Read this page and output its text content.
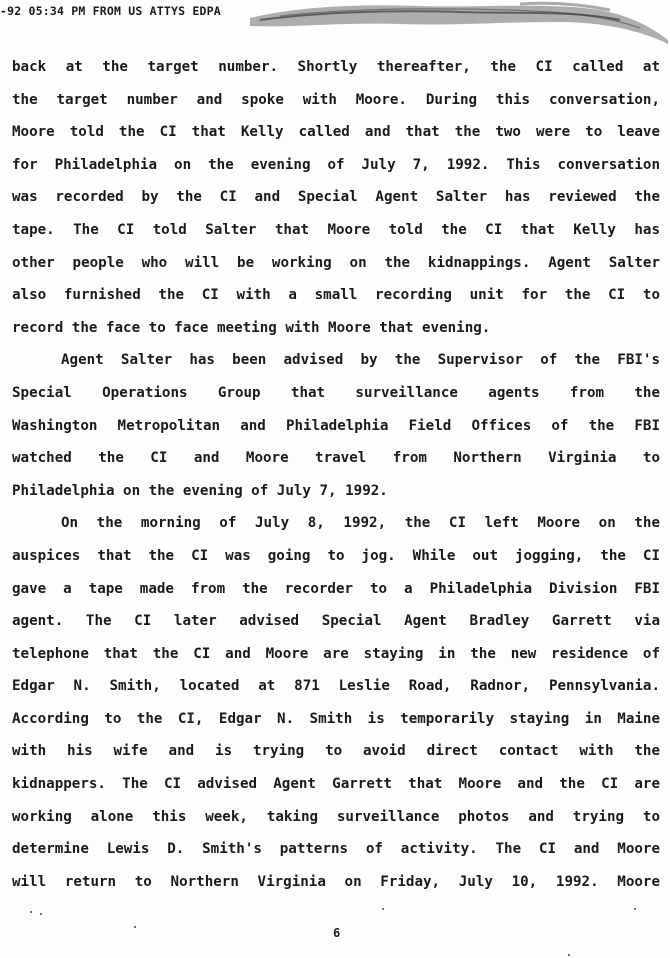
-92 05:34 PM FROM US ATTYS EDPA
back at the target number. Shortly thereafter, the CI called at
the target number and spoke with Moore. During this conversation,
Moore told the CI that Kelly called and that the two were to leave
for Philadelphia on the evening of July 7, 1992. This conversation
was recorded by the CI and Special Agent Salter has reviewed the
tape. The CI told Salter that Moore told the CI that Kelly has
other people who will be working on the kidnappings. Agent Salter
also furnished the CI with a small recording unit for the CI to
record the face to face meeting with Moore that evening.
Agent Salter has been advised by the Supervisor of the FBI's
Special Operations Group that surveillance agents from the
Washington Metropolitan and Philadelphia Field Offices of the FBI
watched the CI and Moore travel from Northern Virginia to
Philadelphia on the evening of July 7, 1992.
On the morning of July 8, 1992, the CI left Moore on the
auspices that the CI was going to jog. While out jogging, the CI
gave a tape made from the recorder to a Philadelphia Division FBI
agent. The CI later advised Special Agent Bradley Garrett via
telephone that the CI and Moore are staying in the new residence of
Edgar N. Smith, located at 871 Leslie Road, Radnor, Pennsylvania.
According to the CI, Edgar N. Smith is temporarily staying in Maine
with his wife and is trying to avoid direct contact with the
kidnappers. The CI advised Agent Garrett that Moore and the CI are
working alone this week, taking surveillance photos and trying to
determine Lewis D. Smith's patterns of activity. The CI and Moore
will return to Northern Virginia on Friday, July 10, 1992. Moore
6
